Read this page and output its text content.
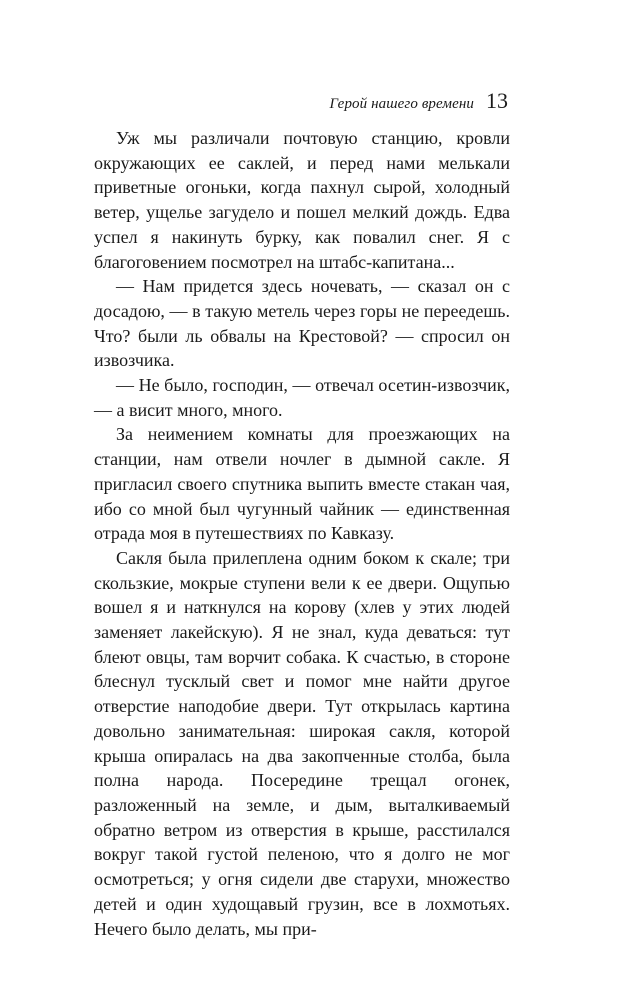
Герой нашего времени 13

Уж мы различали почтовую станцию, кровли окружающих ее саклей, и перед нами мелькали приветные огоньки, когда пахнул сырой, холодный ветер, ущелье загудело и пошел мелкий дождь. Едва успел я накинуть бурку, как повалил снег. Я с благоговением посмотрел на штабс-капитана...

— Нам придется здесь ночевать, — сказал он с досадою, — в такую метель через горы не переедешь. Что? были ль обвалы на Крестовой? — спросил он извозчика.

— Не было, господин, — отвечал осетин-извозчик, — а висит много, много.

За неимением комнаты для проезжающих на станции, нам отвели ночлег в дымной сакле. Я пригласил своего спутника выпить вместе стакан чая, ибо со мной был чугунный чайник — единственная отрада моя в путешествиях по Кавказу.

Сакля была прилеплена одним боком к скале; три скользкие, мокрые ступени вели к ее двери. Ощупью вошел я и наткнулся на корову (хлев у этих людей заменяет лакейскую). Я не знал, куда деваться: тут блеют овцы, там ворчит собака. К счастью, в стороне блеснул тусклый свет и помог мне найти другое отверстие наподобие двери. Тут открылась картина довольно занимательная: широкая сакля, которой крыша опиралась на два закопченные столба, была полна народа. Посередине трещал огонек, разложенный на земле, и дым, выталкиваемый обратно ветром из отверстия в крыше, расстилался вокруг такой густой пеленою, что я долго не мог осмотреться; у огня сидели две старухи, множество детей и один худощавый грузин, все в лохмотьях. Нечего было делать, мы при-
